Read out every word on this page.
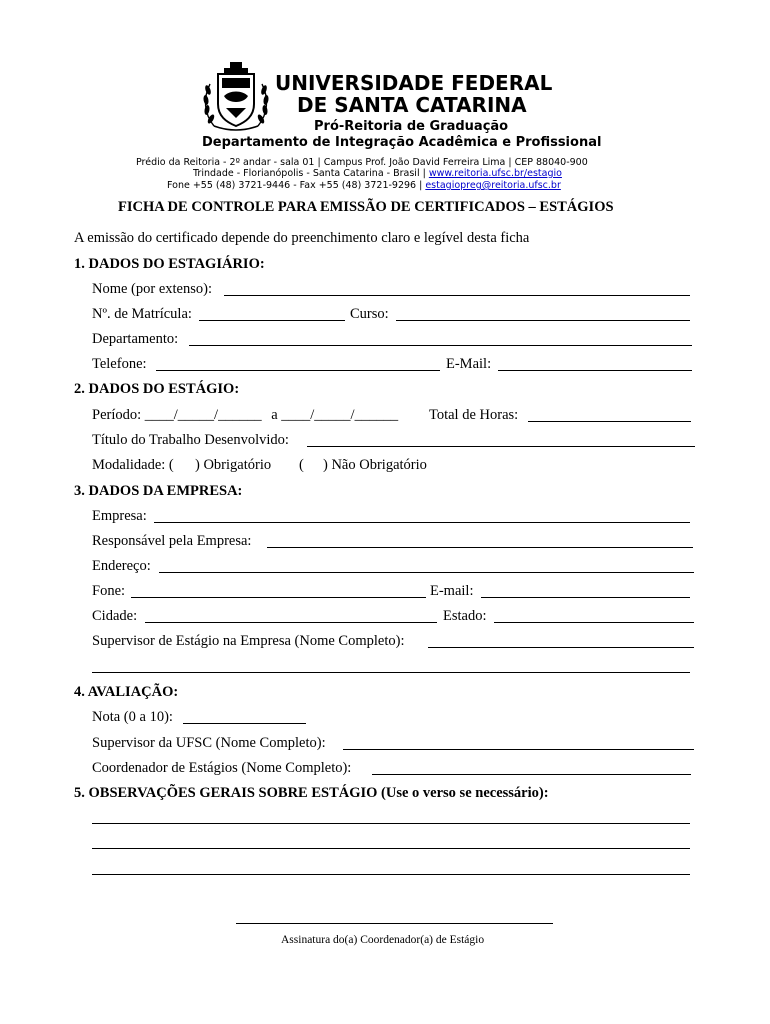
UNIVERSIDADE FEDERAL
DE SANTA CATARINA
Pró-Reitoria de Graduação
Departamento de Integração Acadêmica e Profissional
Prédio da Reitoria - 2º andar - sala 01 | Campus Prof. João David Ferreira Lima | CEP 88040-900
Trindade - Florianópolis - Santa Catarina - Brasil | www.reitoria.ufsc.br/estagio
Fone +55 (48) 3721-9446 - Fax +55 (48) 3721-9296 | estagiopreg@reitoria.ufsc.br
FICHA DE CONTROLE PARA EMISSÃO DE CERTIFICADOS – ESTÁGIOS
A emissão do certificado depende do preenchimento claro e legível desta ficha
1. DADOS DO ESTAGIÁRIO:
Nome (por extenso):
Nº. de Matrícula:	Curso:
Departamento:
Telefone:	E-Mail:
2. DADOS DO ESTÁGIO:
Período: ____/_____/______ a ____/_____/______ Total de Horas:
Título do Trabalho Desenvolvido:
Modalidade: ( ) Obrigatório ( ) Não Obrigatório
3. DADOS DA EMPRESA:
Empresa:
Responsável pela Empresa:
Endereço:
Fone:	E-mail:
Cidade:	Estado:
Supervisor de Estágio na Empresa (Nome Completo):
4. AVALIAÇÃO:
Nota (0 a 10):
Supervisor da UFSC (Nome Completo):
Coordenador de Estágios (Nome Completo):
5. OBSERVAÇÕES GERAIS SOBRE ESTÁGIO (Use o verso se necessário):
Assinatura do(a) Coordenador(a) de Estágio
